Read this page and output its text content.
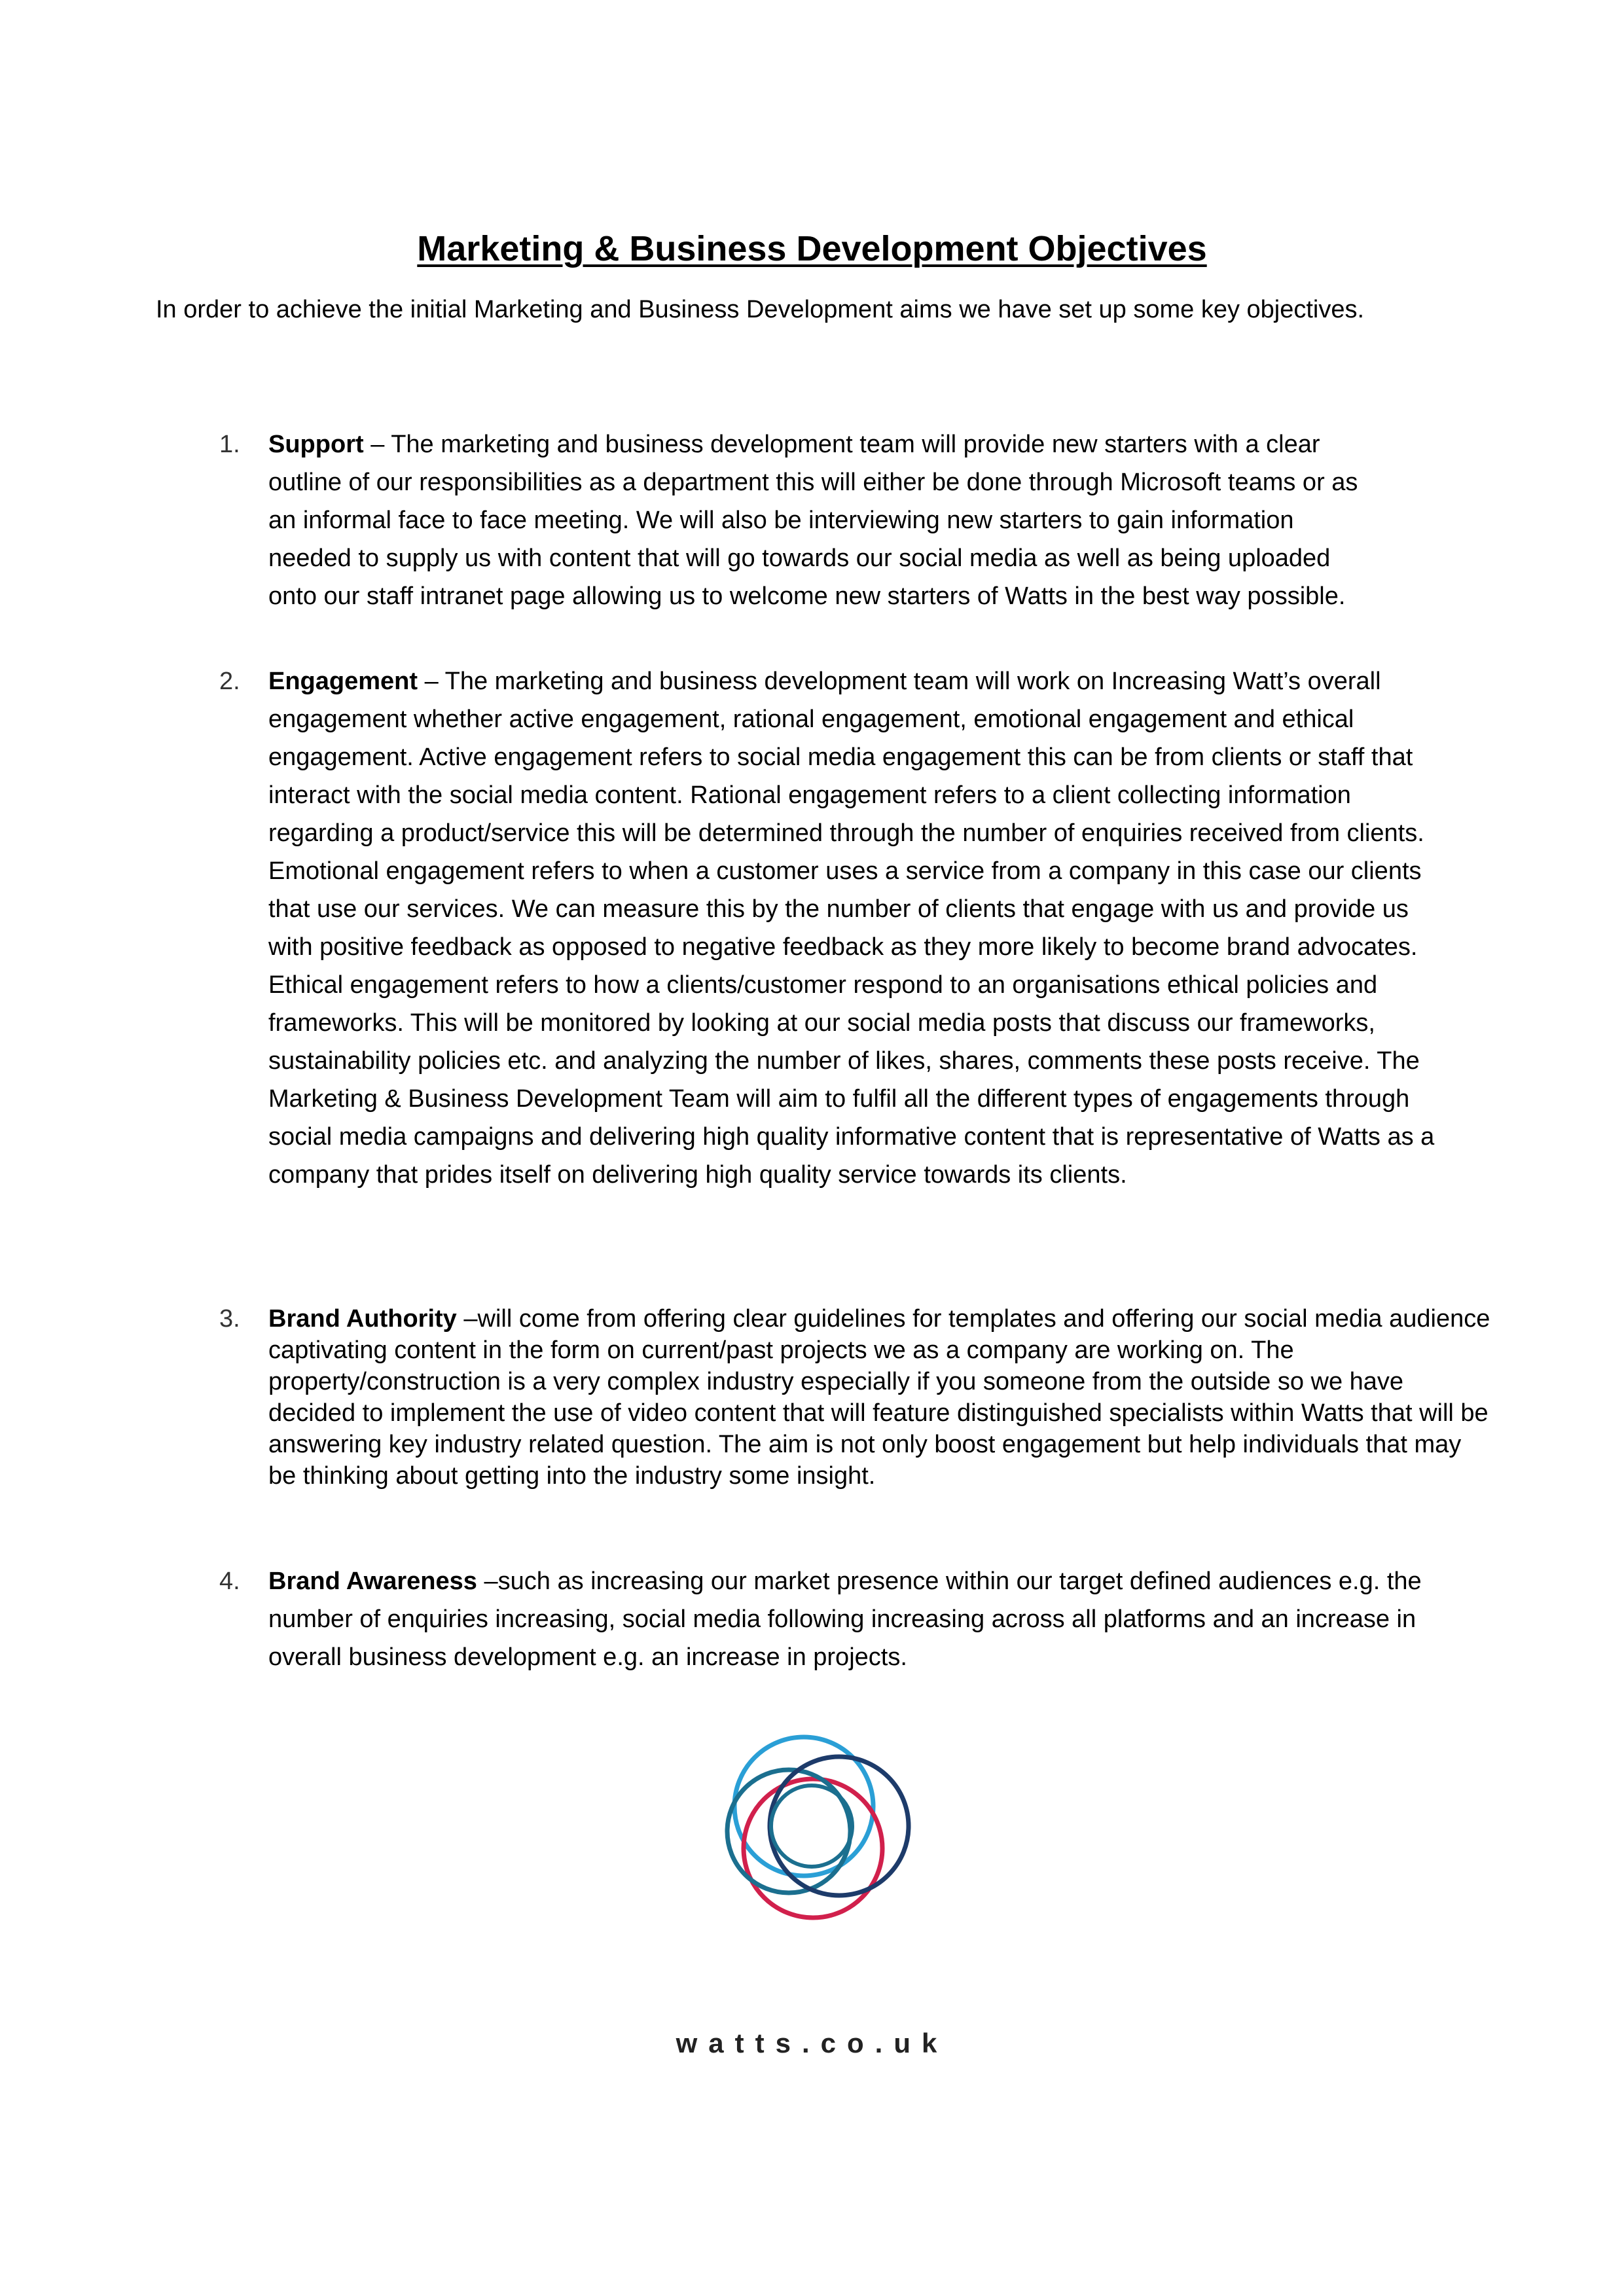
Marketing & Business Development Objectives

In order to achieve the initial Marketing and Business Development aims we have set up some key objectives.

1. Support – The marketing and business development team will provide new starters with a clear outline of our responsibilities as a department this will either be done through Microsoft teams or as an informal face to face meeting. We will also be interviewing new starters to gain information needed to supply us with content that will go towards our social media as well as being uploaded onto our staff intranet page allowing us to welcome new starters of Watts in the best way possible.
2. Engagement – The marketing and business development team will work on Increasing Watt’s overall engagement whether active engagement, rational engagement, emotional engagement and ethical engagement. Active engagement refers to social media engagement this can be from clients or staff that interact with the social media content. Rational engagement refers to a client collecting information regarding a product/service this will be determined through the number of enquiries received from clients. Emotional engagement refers to when a customer uses a service from a company in this case our clients that use our services. We can measure this by the number of clients that engage with us and provide us with positive feedback as opposed to negative feedback as they more likely to become brand advocates. Ethical engagement refers to how a clients/customer respond to an organisations ethical policies and frameworks. This will be monitored by looking at our social media posts that discuss our frameworks, sustainability policies etc. and analyzing the number of likes, shares, comments these posts receive. The Marketing & Business Development Team will aim to fulfil all the different types of engagements through social media campaigns and delivering high quality informative content that is representative of Watts as a company that prides itself on delivering high quality service towards its clients.
3. Brand Authority –will come from offering clear guidelines for templates and offering our social media audience captivating content in the form on current/past projects we as a company are working on. The property/construction is a very complex industry especially if you someone from the outside so we have decided to implement the use of video content that will feature distinguished specialists within Watts that will be answering key industry related question. The aim is not only boost engagement but help individuals that may be thinking about getting into the industry some insight.
4. Brand Awareness –such as increasing our market presence within our target defined audiences e.g. the number of enquiries increasing, social media following increasing across all platforms and an increase in overall business development e.g. an increase in projects.

watts.co.uk
